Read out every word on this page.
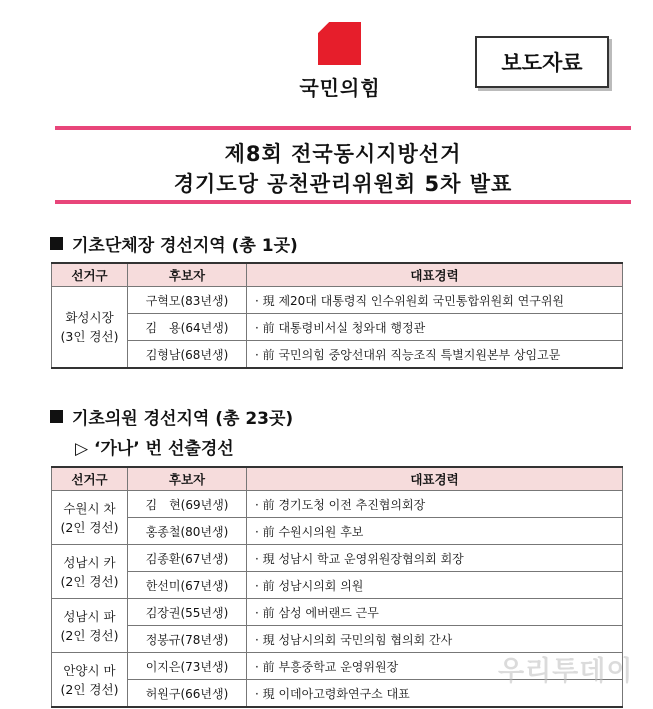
국민의힘
보도자료
제8회 전국동시지방선거
경기도당 공천관리위원회 5차 발표
기초단체장 경선지역 (총 1곳)
선거구	후보자	대표경력

화성시장
(3인 경선)	구혁모(83년생)	· 現 제20대 대통령직 인수위원회 국민통합위원회 연구위원
	김　용(64년생)	· 前 대통령비서실 청와대 행정관
	김형남(68년생)	· 前 국민의힘 중앙선대위 직능조직 특별지원본부 상임고문
기초의원 경선지역 (총 23곳)
▷ ‘가나’ 번 선출경선
선거구	후보자	대표경력

수원시 차
(2인 경선)	김　현(69년생)	· 前 경기도청 이전 추진협의회장
	홍종철(80년생)	· 前 수원시의원 후보

성남시 카
(2인 경선)	김종환(67년생)	· 現 성남시 학교 운영위원장협의회 회장
	한선미(67년생)	· 前 성남시의회 의원

성남시 파
(2인 경선)	김장권(55년생)	· 前 삼성 에버랜드 근무
	정봉규(78년생)	· 現 성남시의회 국민의힘 협의회 간사

안양시 마
(2인 경선)	이지은(73년생)	· 前 부흥중학교 운영위원장
	허원구(66년생)	· 現 이데아고령화연구소 대표
우리투데이
